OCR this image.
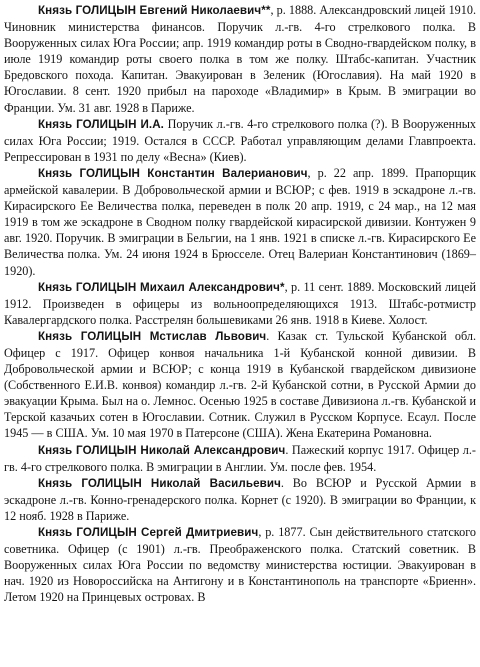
Князь ГОЛИЦЫН Евгений Николаевич**, р. 1888. Александровский лицей 1910. Чиновник министерства финансов. Поручик л.-гв. 4-го стрелкового полка. В Вооруженных силах Юга России; апр. 1919 командир роты в Сводно-гвардейском полку, в июле 1919 командир роты своего полка в том же полку. Штабс-капитан. Участник Бредовского похода. Капитан. Эвакуирован в Зеленик (Югославия). На май 1920 в Югославии. 8 сент. 1920 прибыл на пароходе «Владимир» в Крым. В эмиграции во Франции. Ум. 31 авг. 1928 в Париже.

Князь ГОЛИЦЫН И.А. Поручик л.-гв. 4-го стрелкового полка (?). В Вооруженных силах Юга России; 1919. Остался в СССР. Работал управляющим делами Главпроекта. Репрессирован в 1931 по делу «Весна» (Киев).

Князь ГОЛИЦЫН Константин Валерианович, р. 22 апр. 1899. Прапорщик армейской кавалерии. В Добровольческой армии и ВСЮР; с фев. 1919 в эскадроне л.-гв. Кирасирского Ее Величества полка, переведен в полк 20 апр. 1919, с 24 мар., на 12 мая 1919 в том же эскадроне в Сводном полку гвардейской кирасирской дивизии. Контужен 9 авг. 1920. Поручик. В эмиграции в Бельгии, на 1 янв. 1921 в списке л.-гв. Кирасирского Ее Величества полка. Ум. 24 июня 1924 в Брюсселе. Отец Валериан Константинович (1869–1920).

Князь ГОЛИЦЫН Михаил Александрович*, р. 11 сент. 1889. Московский лицей 1912. Произведен в офицеры из вольноопределяющихся 1913. Штабс-ротмистр Кавалергардского полка. Расстрелян большевиками 26 янв. 1918 в Киеве. Холост.

Князь ГОЛИЦЫН Мстислав Львович. Казак ст. Тульской Кубанской обл. Офицер с 1917. Офицер конвоя начальника 1-й Кубанской конной дивизии. В Добровольческой армии и ВСЮР; с конца 1919 в Кубанской гвардейском дивизионе (Собственного Е.И.В. конвоя) командир л.-гв. 2-й Кубанской сотни, в Русской Армии до эвакуации Крыма. Был на о. Лемнос. Осенью 1925 в составе Дивизиона л.-гв. Кубанской и Терской казачьих сотен в Югославии. Сотник. Служил в Русском Корпусе. Есаул. После 1945 — в США. Ум. 10 мая 1970 в Патерсоне (США). Жена Екатерина Романовна.

Князь ГОЛИЦЫН Николай Александрович. Пажеский корпус 1917. Офицер л.-гв. 4-го стрелкового полка. В эмиграции в Англии. Ум. после фев. 1954.

Князь ГОЛИЦЫН Николай Васильевич. Во ВСЮР и Русской Армии в эскадроне л.-гв. Конно-гренадерского полка. Корнет (с 1920). В эмиграции во Франции, к 12 нояб. 1928 в Париже.

Князь ГОЛИЦЫН Сергей Дмитриевич, р. 1877. Сын действительного статского советника. Офицер (с 1901) л.-гв. Преображенского полка. Статский советник. В Вооруженных силах Юга России по ведомству министерства юстиции. Эвакуирован в нач. 1920 из Новороссийска на Антигону и в Константинополь на транспорте «Бриенн». Летом 1920 на Принцевых островах. В
